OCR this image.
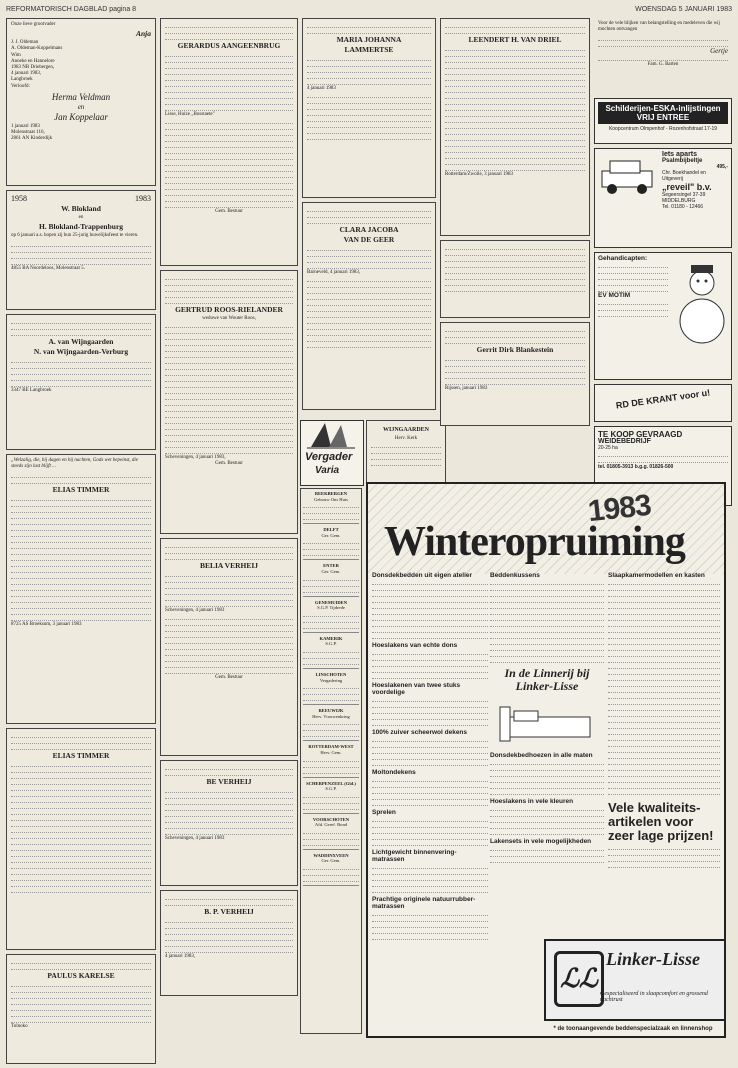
REFORMATORISCH DAGBLAD pagina 8	WOENSDAG 5 JANUARI 1983
Onze lieve grootvader
Anja
J. J. Oldeman
A. Oldeman-Koppelmans
Wim
Anneke en Hannelore
1983 NB Driebergen,
4 januari 1983,
Langbroek
Verloofd:
Herma Veldman
en
Jan Koppelaar
1 januari 1983
Molenstraat 116,
2861 AN Kinderdijk
1958	1983
W. Blokland
en
H. Blokland-Trappenburg

op 6 januari a.s. hopen zij hun 25-jarig huwelijksfeest te vieren.

4855 BA Noordeloos, Molenstraat 5.
A. van Wijngaarden
N. van Wijngaarden-Verburg
3347 BE Langbroek

„Welzalig, die, bij dagen en bij nachten, Gods wet bepeinst, die steeds zijn lust blijft ...

ELIAS TIMMER
8725 AS Broeksum, 3 januari 1983
ELIAS TIMMER
PAULUS KARELSE
Tolnoko
GERARDUS AANGEENBRUG
Lisse, Huize „Bosstaete"
Gem. Bestuur
GERTRUD ROOS-RIELANDER
weduwe van Wouter Roos,
Scheveningen, 4 januari 1983,
Gem. Bestuur
BELIA VERHEIJ
Scheveningen, 4 januari 1983
Gem. Bestuur
BE VERHEIJ
Scheveningen, 4 januari 1983
B. P. VERHEIJ
4 januari 1983,
MARIA JOHANNA
LAMMERTSE
4 januari 1983
CLARA JACOBA
VAN DE GEER
Barneveld, 4 januari 1983,
Vergader
Varia
BEEKBERGEN
Gebouw Ons Huis
DELFT
Ger. Gem.
ENTER
Ger. Gem.
GENEMUIDEN
S.G.P. Tijdrede
KAMERIK
S.G.P.
LINSCHOTEN
Vergadering
REEUWIJK
Herv. Vrouwenkring
ROTTERDAM-WEST
Herv. Gem.
SCHERPENZEEL (Gld.)
S.G.P.
VOORSCHOTEN
Afd. Geref. Bond
WADDINXVEEN
Ger. Gem.
WIJNGAARDEN
Herv. Kerk
LEENDERT H. VAN DRIEL
Rotterdam/Zwolle, 3 januari 1983
Gerrit Dirk Blankestein
Rijssen, januari 1983

Voor de vele blijken van belangstelling en medeleven die wij mochten ontvangen

Gertje
Fam. G. Barten
Schilderijen-ESKA-inlijstingen VRIJ ENTREE
Koopcentrum Olmpenhof - Rozenhofstraat 17-19
Iets aparts
Psalmbijbeltje
495,-
Chr. Boekhandel en Uitgeverij
„reveil" b.v.
Segeersingel 37-39 MIDDELBURG
Tel. 01180 - 12466
Gehandicapten:
EV MOTIM
RD DE KRANT voor u!
TE KOOP GEVRAAGD
WEIDEBEDRIJF
20-25 ha
tel. 01805-3913 b.g.g. 01826-500
1983
Winteropruiming
Donsdekbedden uit eigen atelier
Hoeslakens van echte dons
Hoeslakenen van twee stuks voordelige
100% zuiver scheerwol dekens
Moltondekens
Sprelen
Lichtgewicht binnenvering-matrassen
Prachtige originele natuurrubber-matrassen
Beddenkussens
In de Linnerij bij Linker-Lisse
Donsdekbedhoezen in alle maten
Hoeslakens in vele kleuren
Lakensets in vele mogelijkheden
Slaapkamermodellen en kasten
Vele kwaliteits-artikelen voor zeer lage prijzen!
ℒℒ
Linker-Lisse
Gespecialiseerd in slaapcomfort en grossend nachtrust
* de toonaangevende beddenspecialzaak en linnenshop
